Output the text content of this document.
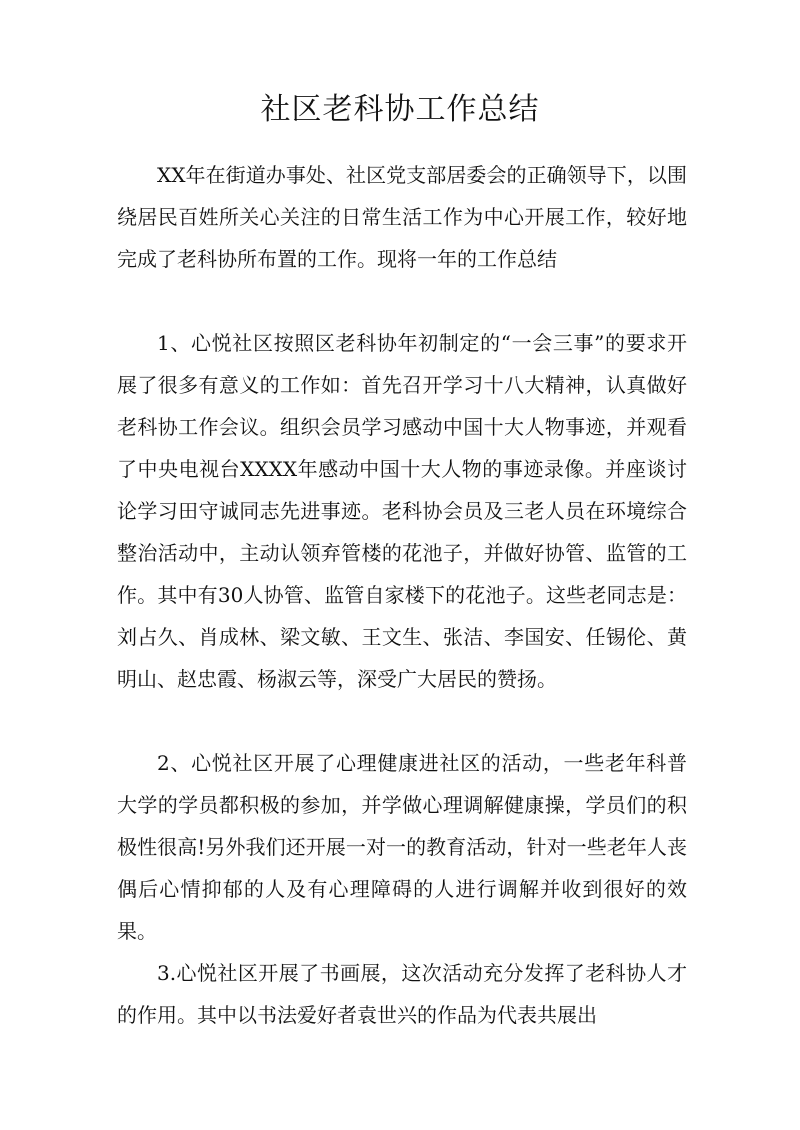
社区老科协工作总结

XX年在街道办事处、社区党支部居委会的正确领导下，以围绕居民百姓所关心关注的日常生活工作为中心开展工作，较好地完成了老科协所布置的工作。现将一年的工作总结

1、心悦社区按照区老科协年初制定的“一会三事”的要求开展了很多有意义的工作如：首先召开学习十八大精神，认真做好老科协工作会议。组织会员学习感动中国十大人物事迹，并观看了中央电视台XXXX年感动中国十大人物的事迹录像。并座谈讨论学习田守诚同志先进事迹。老科协会员及三老人员在环境综合整治活动中，主动认领弃管楼的花池子，并做好协管、监管的工作。其中有30人协管、监管自家楼下的花池子。这些老同志是：刘占久、肖成林、梁文敏、王文生、张洁、李国安、任锡伦、黄明山、赵忠霞、杨淑云等，深受广大居民的赞扬。

2、心悦社区开展了心理健康进社区的活动，一些老年科普大学的学员都积极的参加，并学做心理调解健康操，学员们的积极性很高!另外我们还开展一对一的教育活动，针对一些老年人丧偶后心情抑郁的人及有心理障碍的人进行调解并收到很好的效果。

3.心悦社区开展了书画展，这次活动充分发挥了老科协人才的作用。其中以书法爱好者袁世兴的作品为代表共展出
